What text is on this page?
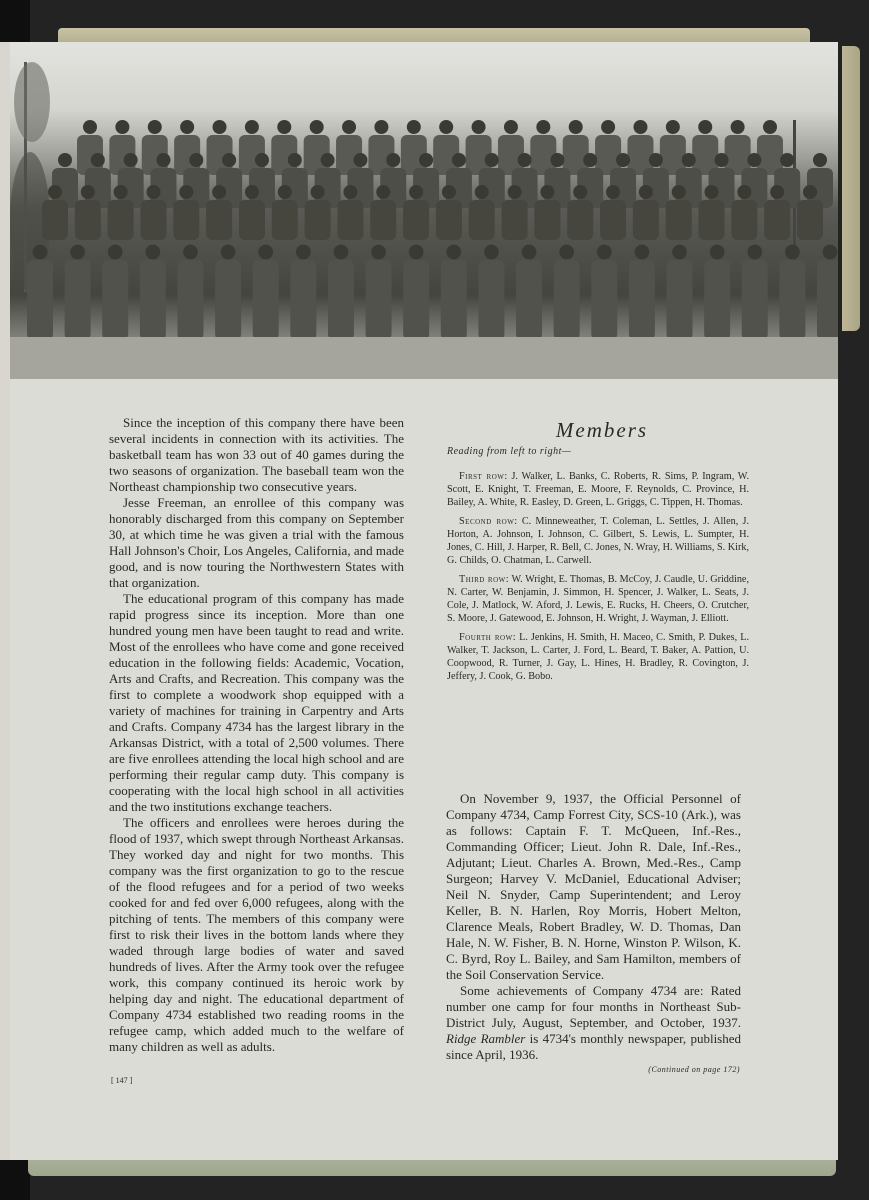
Since the inception of this company there have been several incidents in connection with its activities. The basketball team has won 33 out of 40 games during the two seasons of organization. The baseball team won the Northeast championship two consecutive years.

Jesse Freeman, an enrollee of this company was honorably discharged from this company on September 30, at which time he was given a trial with the famous Hall Johnson's Choir, Los Angeles, California, and made good, and is now touring the Northwestern States with that organization.

The educational program of this company has made rapid progress since its inception. More than one hundred young men have been taught to read and write. Most of the enrollees who have come and gone received education in the following fields: Academic, Vocation, Arts and Crafts, and Recreation. This company was the first to complete a woodwork shop equipped with a variety of machines for training in Carpentry and Arts and Crafts. Company 4734 has the largest library in the Arkansas District, with a total of 2,500 volumes. There are five enrollees attending the local high school and are performing their regular camp duty. This company is cooperating with the local high school in all activities and the two institutions exchange teachers.

The officers and enrollees were heroes during the flood of 1937, which swept through Northeast Arkansas. They worked day and night for two months. This company was the first organization to go to the rescue of the flood refugees and for a period of two weeks cooked for and fed over 6,000 refugees, along with the pitching of tents. The members of this company were first to risk their lives in the bottom lands where they waded through large bodies of water and saved hundreds of lives. After the Army took over the refugee work, this company continued its heroic work by helping day and night. The educational department of Company 4734 established two reading rooms in the refugee camp, which added much to the welfare of many children as well as adults.

Members
Reading from left to right—

First row: J. Walker, L. Banks, C. Roberts, R. Sims, P. Ingram, W. Scott, E. Knight, T. Freeman, E. Moore, F. Reynolds, C. Province, H. Bailey, A. White, R. Easley, D. Green, L. Griggs, C. Tippen, H. Thomas.

Second row: C. Minneweather, T. Coleman, L. Settles, J. Allen, J. Horton, A. Johnson, I. Johnson, C. Gilbert, S. Lewis, L. Sumpter, H. Jones, C. Hill, J. Harper, R. Bell, C. Jones, N. Wray, H. Williams, S. Kirk, G. Childs, O. Chatman, L. Carwell.

Third row: W. Wright, E. Thomas, B. McCoy, J. Caudle, U. Griddine, N. Carter, W. Benjamin, J. Simmon, H. Spencer, J. Walker, L. Seats, J. Cole, J. Matlock, W. Aford, J. Lewis, E. Rucks, H. Cheers, O. Crutcher, S. Moore, J. Gatewood, E. Johnson, H. Wright, J. Wayman, J. Elliott.

Fourth row: L. Jenkins, H. Smith, H. Maceo, C. Smith, P. Dukes, L. Walker, T. Jackson, L. Carter, J. Ford, L. Beard, T. Baker, A. Pattion, U. Coopwood, R. Turner, J. Gay, L. Hines, H. Bradley, R. Covington, J. Jeffery, J. Cook, G. Bobo.

On November 9, 1937, the Official Personnel of Company 4734, Camp Forrest City, SCS-10 (Ark.), was as follows: Captain F. T. McQueen, Inf.-Res., Commanding Officer; Lieut. John R. Dale, Inf.-Res., Adjutant; Lieut. Charles A. Brown, Med.-Res., Camp Surgeon; Harvey V. McDaniel, Educational Adviser; Neil N. Snyder, Camp Superintendent; and Leroy Keller, B. N. Harlen, Roy Morris, Hobert Melton, Clarence Meals, Robert Bradley, W. D. Thomas, Dan Hale, N. W. Fisher, B. N. Horne, Winston P. Wilson, K. C. Byrd, Roy L. Bailey, and Sam Hamilton, members of the Soil Conservation Service.

Some achievements of Company 4734 are: Rated number one camp for four months in Northeast Sub-District July, August, September, and October, 1937. Ridge Rambler is 4734's monthly newspaper, published since April, 1936.

(Continued on page 172)
[ 147 ]
